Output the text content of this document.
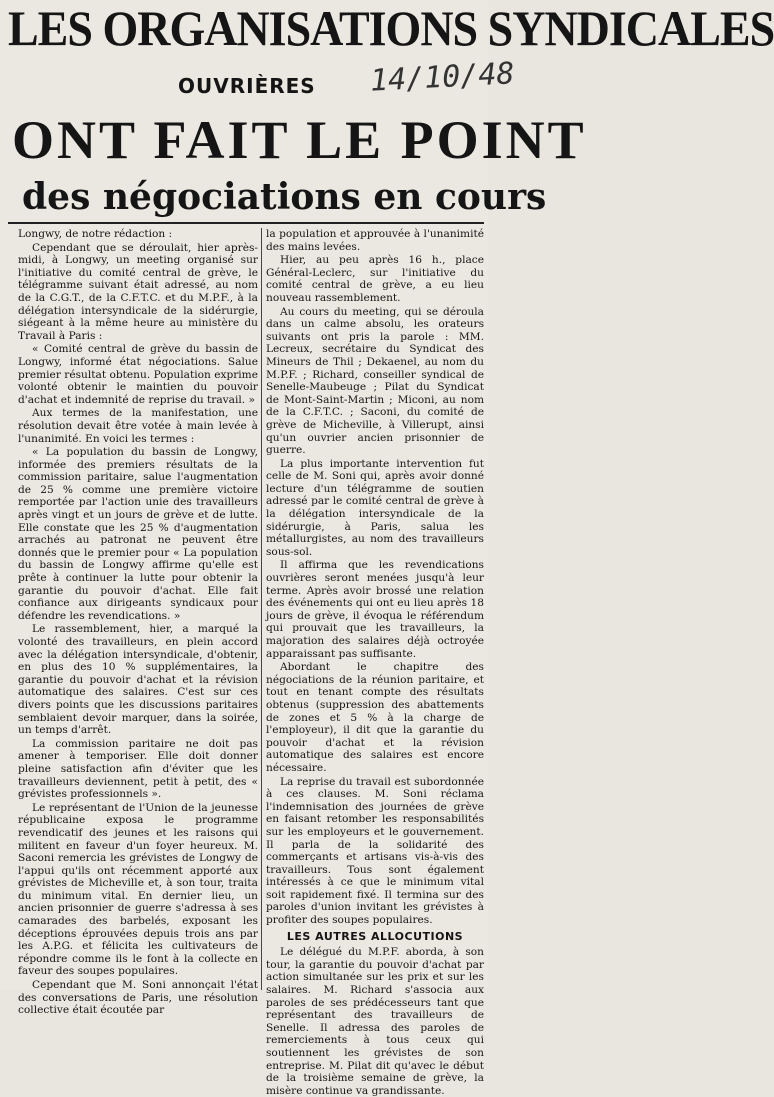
LES ORGANISATIONS SYNDICALES
OUVRIÈRES 14/10/48
ONT FAIT LE POINT
des négociations en cours

Longwy, de notre rédaction :

Cependant que se déroulait, hier après-midi, à Longwy, un meeting organisé sur l'initiative du comité central de grève, le télégramme suivant était adressé, au nom de la C.G.T., de la C.F.T.C. et du M.P.F., à la délégation intersyndicale de la sidérurgie, siégeant à la même heure au ministère du Travail à Paris :

« Comité central de grève du bassin de Longwy, informé état négociations. Salue premier résultat obtenu. Population exprime volonté obtenir le maintien du pouvoir d'achat et indemnité de reprise du travail. »

Aux termes de la manifestation, une résolution devait être votée à main levée à l'unanimité. En voici les termes :

« La population du bassin de Longwy, informée des premiers résultats de la commission paritaire, salue l'augmentation de 25 % comme une première victoire remportée par l'action unie des travailleurs après vingt et un jours de grève et de lutte. Elle constate que les 25 % d'augmentation arrachés au patronat ne peuvent être donnés que le premier pour « La population du bassin de Longwy affirme qu'elle est prête à continuer la lutte pour obtenir la garantie du pouvoir d'achat. Elle fait confiance aux dirigeants syndicaux pour défendre les revendications. »

Le rassemblement, hier, a marqué la volonté des travailleurs, en plein accord avec la délégation intersyndicale, d'obtenir, en plus des 10 % supplémentaires, la garantie du pouvoir d'achat et la révision automatique des salaires. C'est sur ces divers points que les discussions paritaires semblaient devoir marquer, dans la soirée, un temps d'arrêt.

La commission paritaire ne doit pas amener à temporiser. Elle doit donner pleine satisfaction afin d'éviter que les travailleurs deviennent, petit à petit, des « grévistes professionnels ».

Le représentant de l'Union de la jeunesse républicaine exposa le programme revendicatif des jeunes et les raisons qui militent en faveur d'un foyer heureux. M. Saconi remercia les grévistes de Longwy de l'appui qu'ils ont récemment apporté aux grévistes de Micheville et, à son tour, traita du minimum vital. En dernier lieu, un ancien prisonnier de guerre s'adressa à ses camarades des barbelés, exposant les déceptions éprouvées depuis trois ans par les A.P.G. et félicita les cultivateurs de répondre comme ils le font à la collecte en faveur des soupes populaires.

Cependant que M. Soni annonçait l'état des conversations de Paris, une résolution collective était écoutée par

la population et approuvée à l'unanimité des mains levées.

Hier, au peu après 16 h., place Général-Leclerc, sur l'initiative du comité central de grève, a eu lieu nouveau rassemblement.

Au cours du meeting, qui se déroula dans un calme absolu, les orateurs suivants ont pris la parole : MM. Lecreux, secrétaire du Syndicat des Mineurs de Thil ; Dekaenel, au nom du M.P.F. ; Richard, conseiller syndical de Senelle-Maubeuge ; Pilat du Syndicat de Mont-Saint-Martin ; Miconi, au nom de la C.F.T.C. ; Saconi, du comité de grève de Micheville, à Villerupt, ainsi qu'un ouvrier ancien prisonnier de guerre.

La plus importante intervention fut celle de M. Soni qui, après avoir donné lecture d'un télégramme de soutien adressé par le comité central de grève à la délégation intersyndicale de la sidérurgie, à Paris, salua les métallurgistes, au nom des travailleurs sous-sol.

Il affirma que les revendications ouvrières seront menées jusqu'à leur terme. Après avoir brossé une relation des événements qui ont eu lieu après 18 jours de grève, il évoqua le référendum qui prouvait que les travailleurs, la majoration des salaires déjà octroyée apparaissant pas suffisante.

Abordant le chapitre des négociations de la réunion paritaire, et tout en tenant compte des résultats obtenus (suppression des abattements de zones et 5 % à la charge de l'employeur), il dit que la garantie du pouvoir d'achat et la révision automatique des salaires est encore nécessaire.

La reprise du travail est subordonnée à ces clauses. M. Soni réclama l'indemnisation des journées de grève en faisant retomber les responsabilités sur les employeurs et le gouvernement. Il parla de la solidarité des commerçants et artisans vis-à-vis des travailleurs. Tous sont également intéressés à ce que le minimum vital soit rapidement fixé. Il termina sur des paroles d'union invitant les grévistes à profiter des soupes populaires.

LES AUTRES ALLOCUTIONS

Le délégué du M.P.F. aborda, à son tour, la garantie du pouvoir d'achat par action simultanée sur les prix et sur les salaires. M. Richard s'associa aux paroles de ses prédécesseurs tant que représentant des travailleurs de Senelle. Il adressa des paroles de remerciements à tous ceux qui soutiennent les grévistes de son entreprise. M. Pilat dit qu'avec le début de la troisième semaine de grève, la misère continue va grandissante.
